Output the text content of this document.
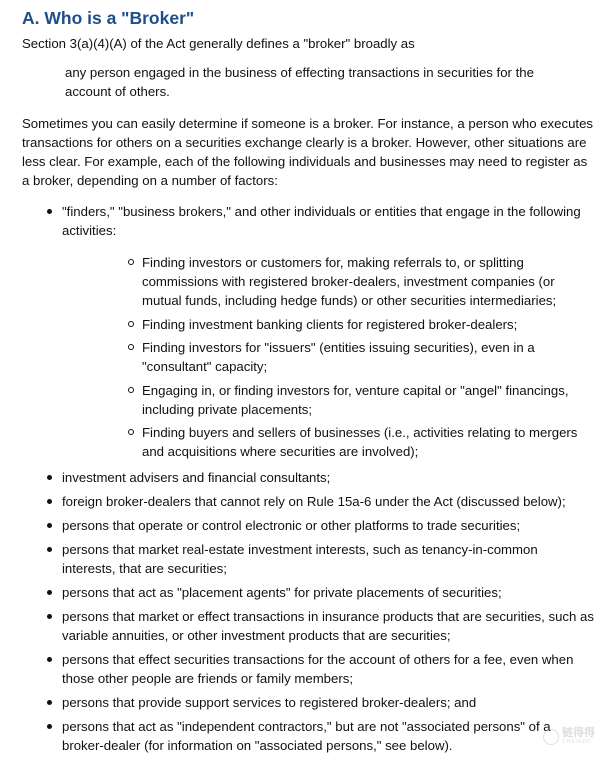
A. Who is a "Broker"

Section 3(a)(4)(A) of the Act generally defines a "broker" broadly as

any person engaged in the business of effecting transactions in securities for the account of others.

Sometimes you can easily determine if someone is a broker. For instance, a person who executes transactions for others on a securities exchange clearly is a broker. However, other situations are less clear. For example, each of the following individuals and businesses may need to register as a broker, depending on a number of factors:

"finders," "business brokers," and other individuals or entities that engage in the following activities:
Finding investors or customers for, making referrals to, or splitting commissions with registered broker-dealers, investment companies (or mutual funds, including hedge funds) or other securities intermediaries;
Finding investment banking clients for registered broker-dealers;
Finding investors for "issuers" (entities issuing securities), even in a "consultant" capacity;
Engaging in, or finding investors for, venture capital or "angel" financings, including private placements;
Finding buyers and sellers of businesses (i.e., activities relating to mergers and acquisitions where securities are involved);
investment advisers and financial consultants;
foreign broker-dealers that cannot rely on Rule 15a-6 under the Act (discussed below);
persons that operate or control electronic or other platforms to trade securities;
persons that market real-estate investment interests, such as tenancy-in-common interests, that are securities;
persons that act as "placement agents" for private placements of securities;
persons that market or effect transactions in insurance products that are securities, such as variable annuities, or other investment products that are securities;
persons that effect securities transactions for the account of others for a fee, even when those other people are friends or family members;
persons that provide support services to registered broker-dealers; and
persons that act as "independent contractors," but are not "associated persons" of a broker-dealer (for information on "associated persons," see below).
链得得
CHAINDD
